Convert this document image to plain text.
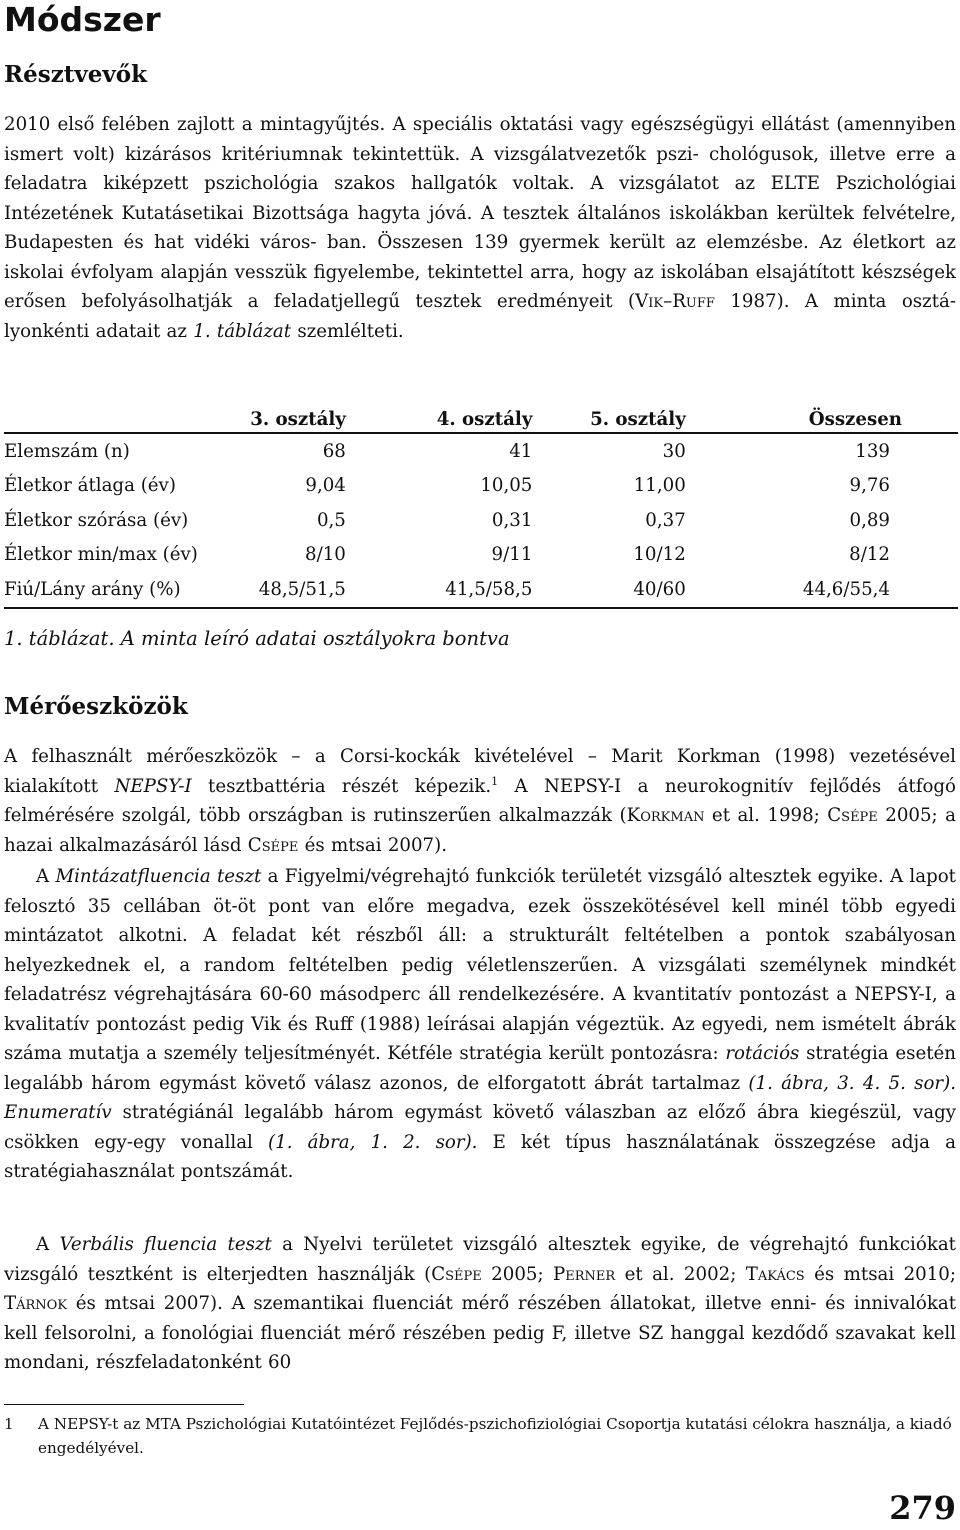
Módszer
Résztvevők

2010 első felében zajlott a mintagyűjtés. A speciális oktatási vagy egészségügyi ellátást (amennyiben ismert volt) kizárásos kritériumnak tekintettük. A vizsgálatvezetők pszi- chológusok, illetve erre a feladatra kiképzett pszichológia szakos hallgatók voltak. A vizsgálatot az ELTE Pszichológiai Intézetének Kutatásetikai Bizottsága hagyta jóvá. A tesztek általános iskolákban kerültek felvételre, Budapesten és hat vidéki város- ban. Összesen 139 gyermek került az elemzésbe. Az életkort az iskolai évfolyam alapján vesszük figyelembe, tekintettel arra, hogy az iskolában elsajátított készségek erősen befolyásolhatják a feladatjellegű tesztek eredményeit (Vik–Ruff 1987). A minta osztá- lyonkénti adatait az 1. táblázat szemlélteti.

	3. osztály	4. osztály	5. osztály	Összesen
Elemszám (n)	68	41	30	139
Életkor átlaga (év)	9,04	10,05	11,00	9,76
Életkor szórása (év)	0,5	0,31	0,37	0,89
Életkor min/max (év)	8/10	9/11	10/12	8/12
Fiú/Lány arány (%)	48,5/51,5	41,5/58,5	40/60	44,6/55,4

1. táblázat. A minta leíró adatai osztályokra bontva

Mérőeszközök

A felhasznált mérőeszközök – a Corsi-kockák kivételével – Marit Korkman (1998) vezetésével kialakított NEPSY-I tesztbattéria részét képezik.$^1$ A NEPSY-I a neurokognitív fejlődés átfogó felmérésére szolgál, több országban is rutinszerűen alkalmazzák (Korkman et al. 1998; Csépe 2005; a hazai alkalmazásáról lásd Csépe és mtsai 2007).

A Mintázatfluencia teszt a Figyelmi/végrehajtó funkciók területét vizsgáló altesztek egyike. A lapot felosztó 35 cellában öt-öt pont van előre megadva, ezek összekötésével kell minél több egyedi mintázatot alkotni. A feladat két részből áll: a strukturált feltételben a pontok szabályosan helyezkednek el, a random feltételben pedig véletlenszerűen. A vizsgálati személynek mindkét feladatrész végrehajtására 60-60 másodperc áll rendelkezésére. A kvantitatív pontozást a NEPSY-I, a kvalitatív pontozást pedig Vik és Ruff (1988) leírásai alapján végeztük. Az egyedi, nem ismételt ábrák száma mutatja a személy teljesítményét. Kétféle stratégia került pontozásra: rotációs stratégia esetén legalább három egymást követő válasz azonos, de elforgatott ábrát tartalmaz (1. ábra, 3. 4. 5. sor). Enumeratív stratégiánál legalább három egymást követő válaszban az előző ábra kiegészül, vagy csökken egy-egy vonallal (1. ábra, 1. 2. sor). E két típus használatának összegzése adja a stratégiahasználat pontszámát.

A Verbális fluencia teszt a Nyelvi területet vizsgáló altesztek egyike, de végrehajtó funkciókat vizsgáló tesztként is elterjedten használják (Csépe 2005; Perner et al. 2002; Takács és mtsai 2010; Tárnok és mtsai 2007). A szemantikai fluenciát mérő részében állatokat, illetve enni- és innivalókat kell felsorolni, a fonológiai fluenciát mérő részében pedig F, illetve SZ hanggal kezdődő szavakat kell mondani, részfeladatonként 60

1 A NEPSY-t az MTA Pszichológiai Kutatóintézet Fejlődés-pszichofiziológiai Csoportja kutatási célokra használja, a kiadó engedélyével.
279
